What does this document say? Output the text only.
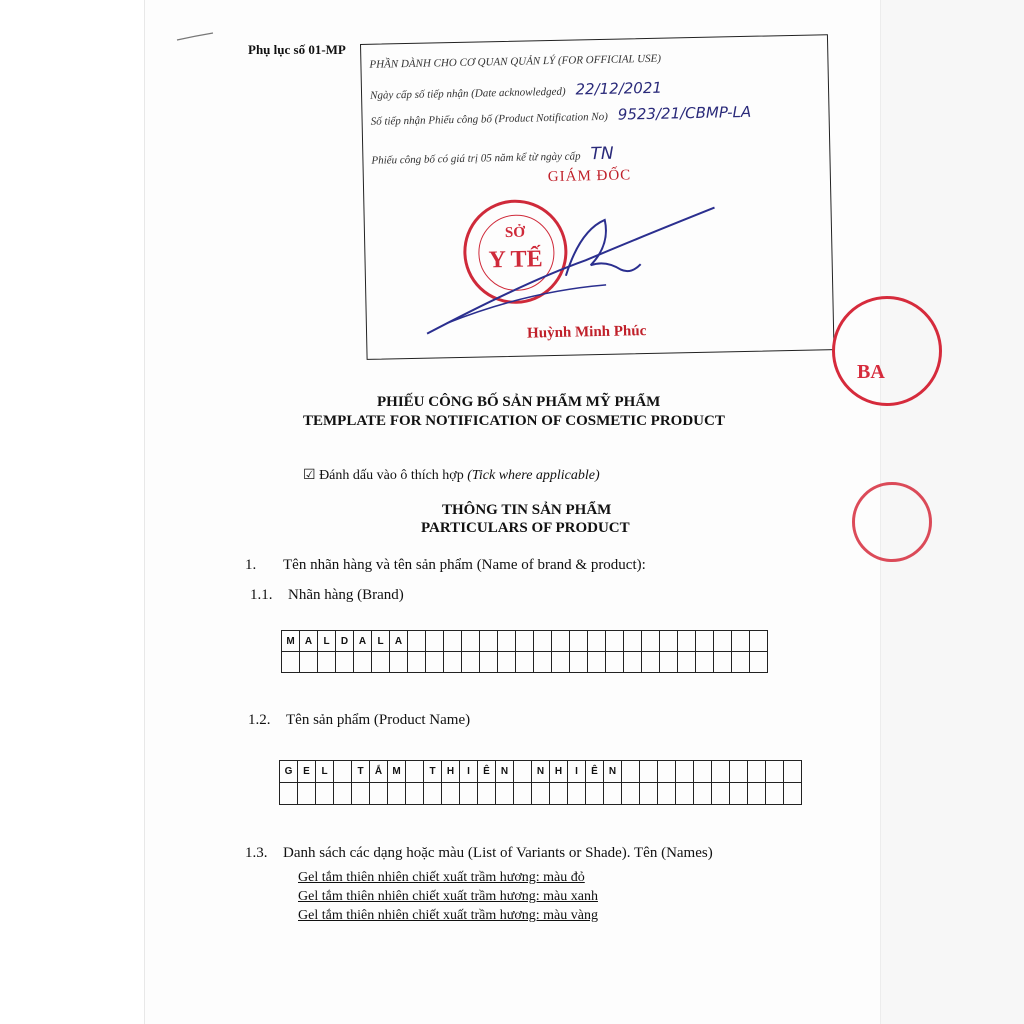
Phụ lục số 01-MP
PHẦN DÀNH CHO CƠ QUAN QUẢN LÝ (FOR OFFICIAL USE)
Ngày cấp số tiếp nhận (Date acknowledged) 22/12/2021
Số tiếp nhận Phiếu công bố (Product Notification No) 9523/21/CBMP-LA
Phiếu công bố có giá trị 05 năm kể từ ngày cấp TN
GIÁM ĐỐC
SỞ
Y TẾ
Huỳnh Minh Phúc
BA
PHIẾU CÔNG BỐ SẢN PHẨM MỸ PHẨM
TEMPLATE FOR NOTIFICATION OF COSMETIC PRODUCT
☑ Đánh dấu vào ô thích hợp (Tick where applicable)
THÔNG TIN SẢN PHẨM
PARTICULARS OF PRODUCT
1. Tên nhãn hàng và tên sản phẩm (Name of brand & product):
1.1. Nhãn hàng (Brand)
M	A	L	D	A	L	A
1.2. Tên sản phẩm (Product Name)
G	E	L	T	Ắ	M	T	H	I	Ê	N	N	H	I	Ê	N
1.3. Danh sách các dạng hoặc màu (List of Variants or Shade). Tên (Names)
Gel tắm thiên nhiên chiết xuất trầm hương: màu đỏ
Gel tắm thiên nhiên chiết xuất trầm hương: màu xanh
Gel tắm thiên nhiên chiết xuất trầm hương: màu vàng
